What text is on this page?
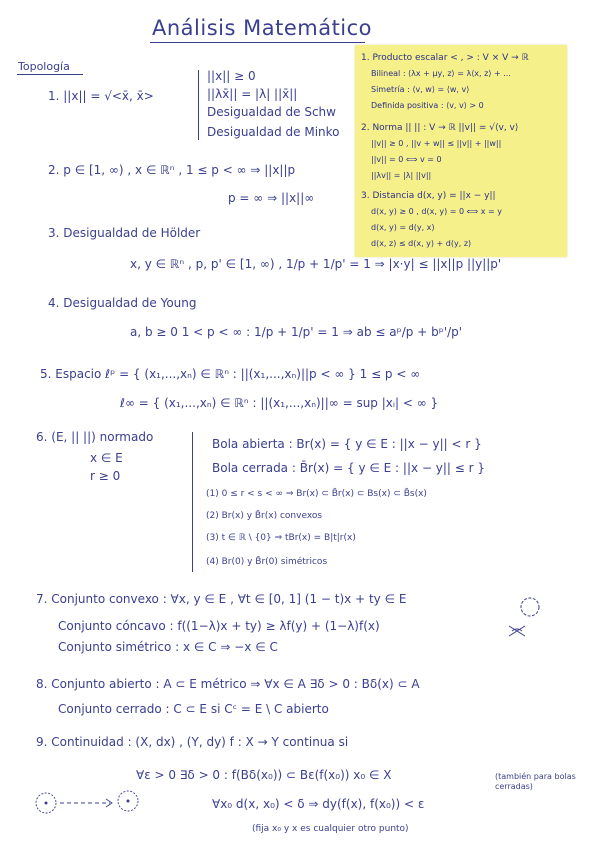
Análisis Matemático
Topología
1. ||x|| = √<x̄, x̄>
||x|| ≥ 0
||λx̄|| = |λ| ||x̄||
Desigualdad de Schw
Desigualdad de Minko
2. p ∈ [1, ∞) , x ∈ ℝⁿ , 1 ≤ p < ∞ ⇒ ||x||p
p = ∞ ⇒ ||x||∞
3. Desigualdad de Hölder
x, y ∈ ℝⁿ , p, p' ∈ [1, ∞) , 1/p + 1/p' = 1 ⇒ |x·y| ≤ ||x||p ||y||p'
4. Desigualdad de Young
a, b ≥ 0 1 < p < ∞ : 1/p + 1/p' = 1 ⇒ ab ≤ aᵖ/p + bᵖ'/p'
5. Espacio ℓᵖ = { (x₁,...,xₙ) ∈ ℝⁿ : ||(x₁,...,xₙ)||p < ∞ } 1 ≤ p < ∞
ℓ∞ = { (x₁,...,xₙ) ∈ ℝⁿ : ||(x₁,...,xₙ)||∞ = sup |xᵢ| < ∞ }
6. (E, || ||) normado
x ∈ E
r ≥ 0
Bola abierta : Br(x) = { y ∈ E : ||x − y|| < r }
Bola cerrada : B̄r(x) = { y ∈ E : ||x − y|| ≤ r }
(1) 0 ≤ r < s < ∞ ⇒ Br(x) ⊂ B̄r(x) ⊂ Bs(x) ⊂ B̄s(x)
(2) Br(x) y B̄r(x) convexos
(3) t ∈ ℝ \ {0} ⇒ tBr(x) = B|t|r(x)
(4) Br(0) y B̄r(0) simétricos
7. Conjunto convexo : ∀x, y ∈ E , ∀t ∈ [0, 1] (1 − t)x + ty ∈ E
Conjunto cóncavo : f((1−λ)x + ty) ≥ λf(y) + (1−λ)f(x)
Conjunto simétrico : x ∈ C ⇒ −x ∈ C
8. Conjunto abierto : A ⊂ E métrico ⇒ ∀x ∈ A ∃δ > 0 : Bδ(x) ⊂ A
Conjunto cerrado : C ⊂ E si Cᶜ = E \ C abierto
9. Continuidad : (X, dx) , (Y, dy) f : X → Y continua si
∀ε > 0 ∃δ > 0 : f(Bδ(x₀)) ⊂ Bε(f(x₀)) x₀ ∈ X	(también para bolas cerradas)
∀x₀ d(x, x₀) < δ ⇒ dy(f(x), f(x₀)) < ε
(fija x₀ y x es cualquier otro punto)
1. Producto escalar < , > : V × V → ℝ
Bilineal : ⟨λx + μy, z⟩ = λ⟨x, z⟩ + ...
Simetría : ⟨v, w⟩ = ⟨w, v⟩
Definida positiva : ⟨v, v⟩ > 0
2. Norma || || : V → ℝ ||v|| = √⟨v, v⟩
||v|| ≥ 0 , ||v + w|| ≤ ||v|| + ||w||
||v|| = 0 ⟺ v = 0
||λv|| = |λ| ||v||
3. Distancia d(x, y) = ||x − y||
d(x, y) ≥ 0 , d(x, y) = 0 ⟺ x = y
d(x, y) = d(y, x)
d(x, z) ≤ d(x, y) + d(y, z)
